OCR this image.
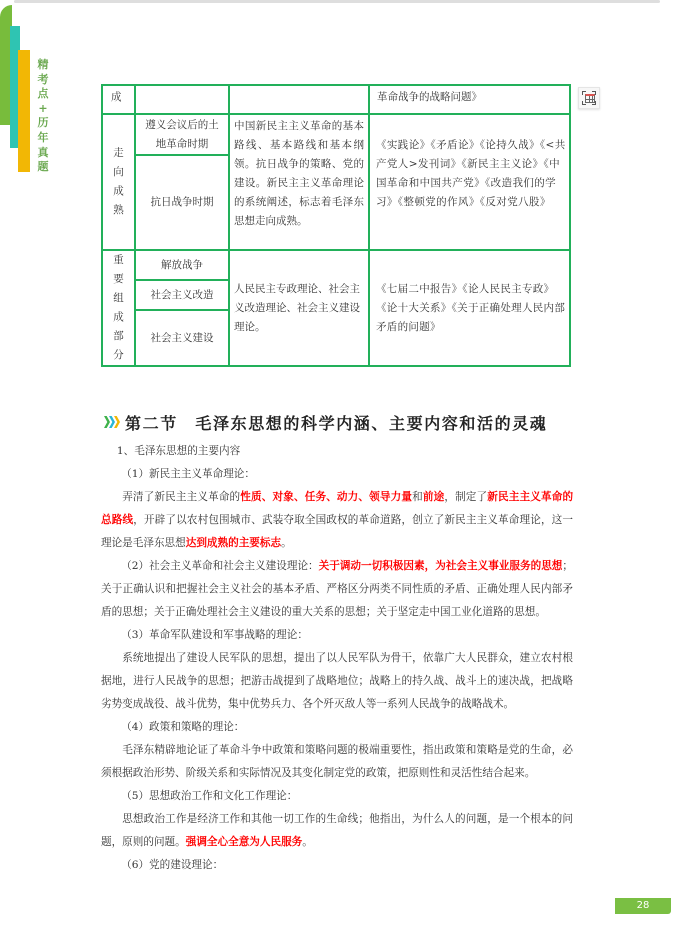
精
考
点
+
历
年
真
题
成	革命战争的战略问题》
走
向
成
熟
遵义会议后的土地革命时期
抗日战争时期
中国新民主主义革命的基本路线、基本路线和基本纲领。抗日战争的策略、党的建设。新民主主义革命理论的系统阐述，标志着毛泽东思想走向成熟。
《实践论》《矛盾论》《论持久战》《<共产党人>发刊词》《新民主主义论》《中国革命和中国共产党》《改造我们的学习》《整顿党的作风》《反对党八股》
重
要
组
成
部
分
解放战争
社会主义改造
社会主义建设
人民民主专政理论、社会主义改造理论、社会主义建设理论。
《七届二中报告》《论人民民主专政》《论十大关系》《关于正确处理人民内部矛盾的问题》
第二节　毛泽东思想的科学内涵、主要内容和活的灵魂
1、毛泽东思想的主要内容
（1）新民主主义革命理论：
弄清了新民主主义革命的性质、对象、任务、动力、领导力量和前途，制定了新民主主义革命的总路线，开辟了以农村包围城市、武装夺取全国政权的革命道路，创立了新民主主义革命理论，这一理论是毛泽东思想达到成熟的主要标志。
（2）社会主义革命和社会主义建设理论：关于调动一切积极因素，为社会主义事业服务的思想；关于正确认识和把握社会主义社会的基本矛盾、严格区分两类不同性质的矛盾、正确处理人民内部矛盾的思想；关于正确处理社会主义建设的重大关系的思想；关于坚定走中国工业化道路的思想。
（3）革命军队建设和军事战略的理论：
系统地提出了建设人民军队的思想，提出了以人民军队为骨干，依靠广大人民群众，建立农村根据地，进行人民战争的思想；把游击战提到了战略地位；战略上的持久战、战斗上的速决战，把战略劣势变成战役、战斗优势，集中优势兵力、各个歼灭敌人等一系列人民战争的战略战术。
（4）政策和策略的理论：
毛泽东精辟地论证了革命斗争中政策和策略问题的极端重要性，指出政策和策略是党的生命，必须根据政治形势、阶级关系和实际情况及其变化制定党的政策，把原则性和灵活性结合起来。
（5）思想政治工作和文化工作理论：
思想政治工作是经济工作和其他一切工作的生命线；他指出，为什么人的问题，是一个根本的问题，原则的问题。强调全心全意为人民服务。
（6）党的建设理论：
28
